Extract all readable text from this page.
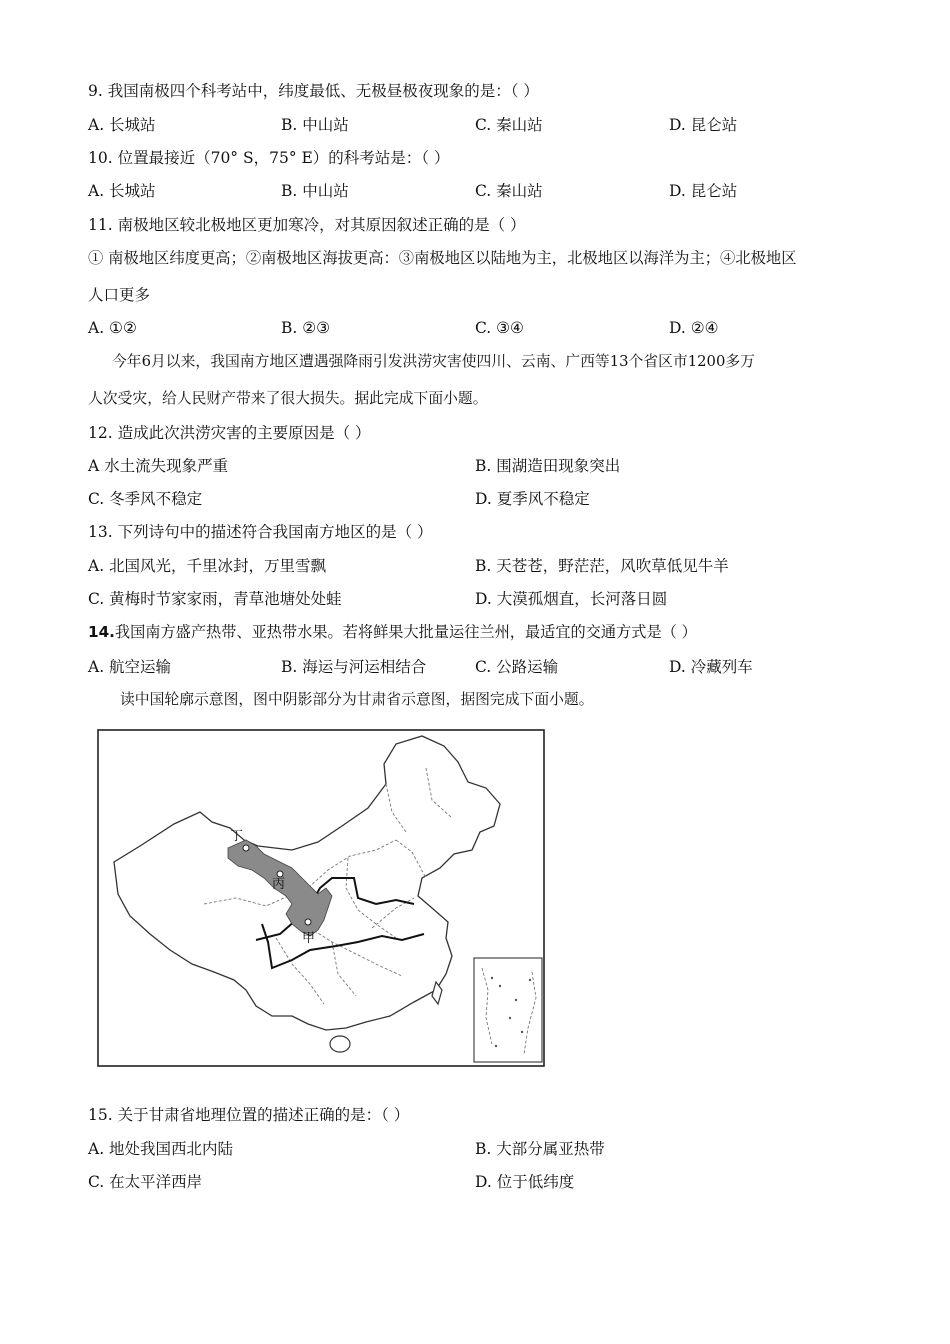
9. 我国南极四个科考站中，纬度最低、无极昼极夜现象的是：（ ）
A. 长城站	B. 中山站	C. 秦山站	D. 昆仑站
10. 位置最接近（70° S，75° E）的科考站是：（ ）
A. 长城站	B. 中山站	C. 秦山站	D. 昆仑站
11. 南极地区较北极地区更加寒冷，对其原因叙述正确的是（ ）
① 南极地区纬度更高；②南极地区海拔更高：③南极地区以陆地为主，北极地区以海洋为主；④北极地区
人口更多
A. ①②	B. ②③	C. ③④	D. ②④
今年6月以来，我国南方地区遭遇强降雨引发洪涝灾害使四川、云南、广西等13个省区市1200多万
人次受灾，给人民财产带来了很大损失。据此完成下面小题。
12. 造成此次洪涝灾害的主要原因是（ ）
A 水土流失现象严重	B. 围湖造田现象突出
C. 冬季风不稳定	D. 夏季风不稳定
13. 下列诗句中的描述符合我国南方地区的是（ ）
A. 北国风光，千里冰封，万里雪飘	B. 天苍苍，野茫茫，风吹草低见牛羊
C. 黄梅时节家家雨，青草池塘处处蛙	D. 大漠孤烟直，长河落日圆
14.我国南方盛产热带、亚热带水果。若将鲜果大批量运往兰州，最适宜的交通方式是（ ）
A. 航空运输	B. 海运与河运相结合	C. 公路运输	D. 冷藏列车
读中国轮廓示意图，图中阴影部分为甘肃省示意图，据图完成下面小题。
丁
丙
甲
15. 关于甘肃省地理位置的描述正确的是：（ ）
A. 地处我国西北内陆	B. 大部分属亚热带
C. 在太平洋西岸	D. 位于低纬度
